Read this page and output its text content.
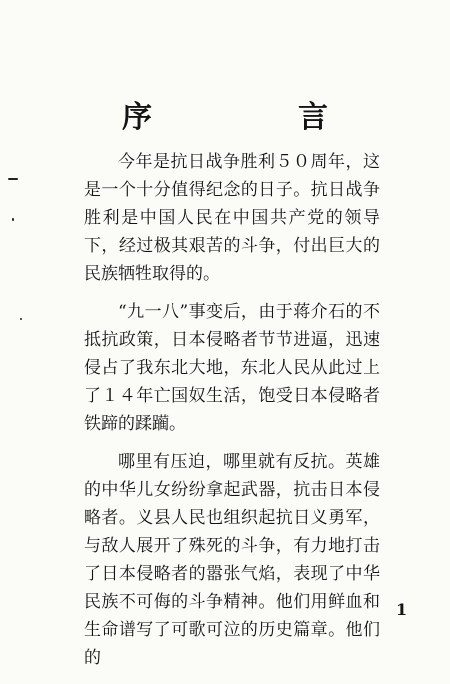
序　言

今年是抗日战争胜利５０周年，这是一个十分值得纪念的日子。抗日战争胜利是中国人民在中国共产党的领导下，经过极其艰苦的斗争，付出巨大的民族牺牲取得的。

“九一八”事变后，由于蒋介石的不抵抗政策，日本侵略者节节进逼，迅速侵占了我东北大地，东北人民从此过上了１４年亡国奴生活，饱受日本侵略者铁蹄的蹂躏。

哪里有压迫，哪里就有反抗。英雄的中华儿女纷纷拿起武器，抗击日本侵略者。义县人民也组织起抗日义勇军，与敌人展开了殊死的斗争，有力地打击了日本侵略者的嚣张气焰，表现了中华民族不可侮的斗争精神。他们用鲜血和生命谱写了可歌可泣的历史篇章。他们的

1
